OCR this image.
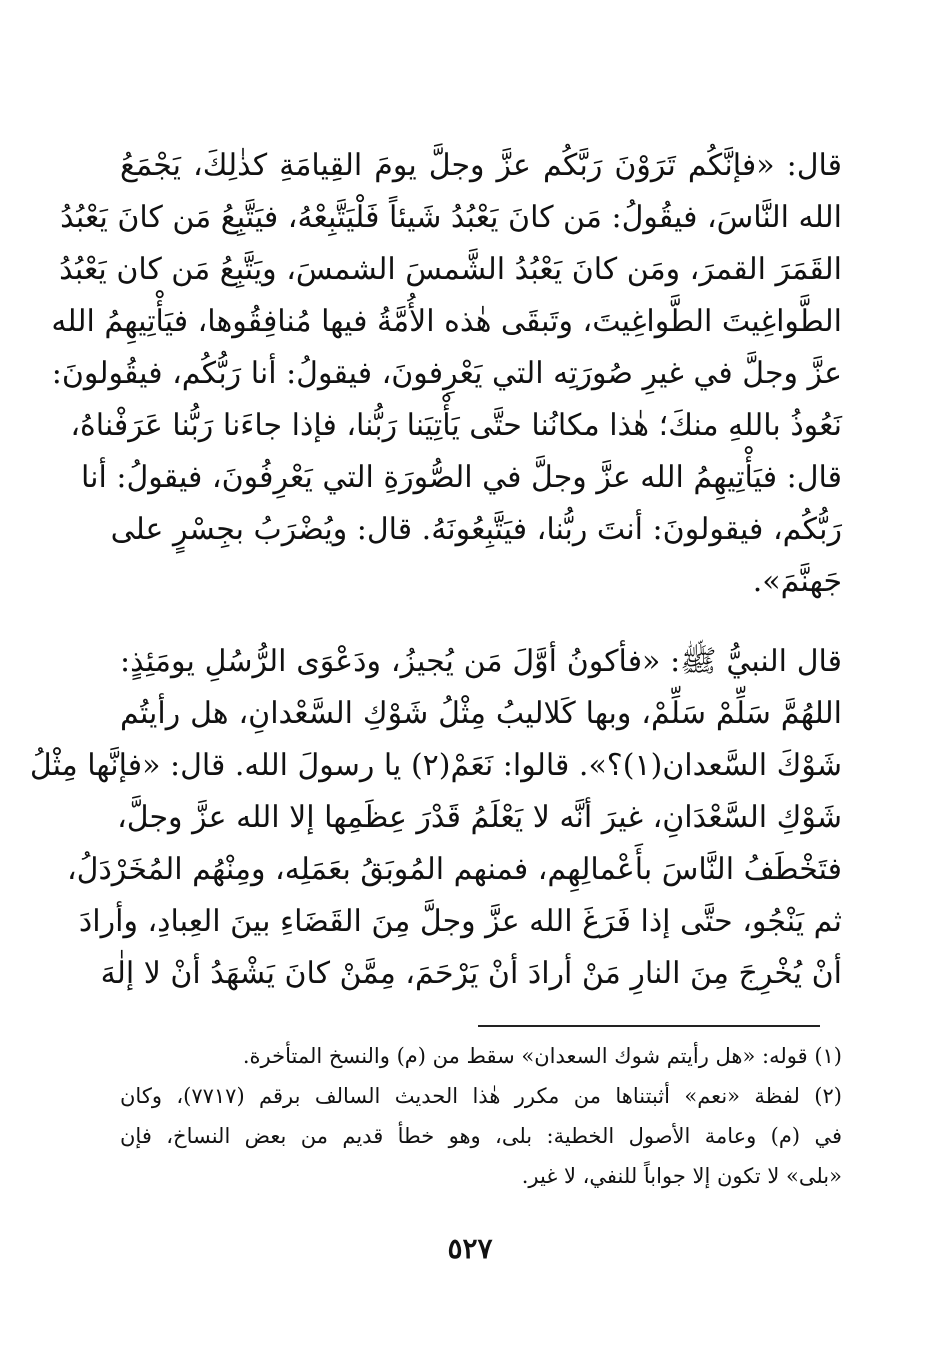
قال: «فإنَّكُم تَرَوْنَ رَبَّكُم عزَّ وجلَّ يومَ القِيامَةِ كذٰلِكَ، يَجْمَعُ
الله النَّاسَ، فيقُولُ: مَن كانَ يَعْبُدُ شَيئاً فَلْيَتَّبِعْهُ، فيَتَّبِعُ مَن كانَ يَعْبُدُ
القَمَرَ القمرَ، ومَن كانَ يَعْبُدُ الشَّمسَ الشمسَ، ويَتَّبِعُ مَن كان يَعْبُدُ
الطَّواغِيتَ الطَّواغِيتَ، وتَبقَى هٰذه الأُمَّةُ فيها مُنافِقُوها، فيَأْتِيهِمُ الله
عزَّ وجلَّ في غيرِ صُورَتِه التي يَعْرِفونَ، فيقولُ: أنا رَبُّكُم، فيقُولونَ:
نَعُوذُ باللهِ منكَ؛ هٰذا مكانُنا حتَّى يَأْتِيَنا رَبُّنا، فإذا جاءَنا رَبُّنا عَرَفْناهُ،
قال: فيَأْتِيهِمُ الله عزَّ وجلَّ في الصُّورَةِ التي يَعْرِفُونَ، فيقولُ: أنا
رَبُّكُم، فيقولونَ: أنتَ ربُّنا، فيَتَّبِعُونَهُ. قال: ويُضْرَبُ بجِسْرٍ على
جَهنَّمَ».
قال النبيُّ ﷺ: «فأكونُ أوَّلَ مَن يُجيزُ، ودَعْوَى الرُّسُلِ يومَئِذٍ:
اللهُمَّ سَلِّمْ سَلِّمْ، وبها كَلاليبُ مِثْلُ شَوْكِ السَّعْدانِ، هل رأيتُم
شَوْكَ السَّعدان(١)؟». قالوا: نَعَمْ(٢) يا رسولَ الله. قال: «فإنَّها مِثْلُ
شَوْكِ السَّعْدَانِ، غيرَ أنَّه لا يَعْلَمُ قَدْرَ عِظَمِها إلا الله عزَّ وجلَّ،
فتَخْطَفُ النَّاسَ بأَعْمالِهِم، فمنهم المُوبَقُ بعَمَلِه، ومِنْهُم المُخَرْدَلُ،
ثم يَنْجُو، حتَّى إذا فَرَغَ الله عزَّ وجلَّ مِنَ القَضَاءِ بينَ العِبادِ، وأرادَ
أنْ يُخْرِجَ مِنَ النارِ مَنْ أرادَ أنْ يَرْحَمَ، مِمَّنْ كانَ يَشْهَدُ أنْ لا إلٰهَ
(١) قوله: «هل رأيتم شوك السعدان» سقط من (م) والنسخ المتأخرة.
(٢) لفظة «نعم» أثبتناها من مكرر هٰذا الحديث السالف برقم (٧٧١٧)، وكان
في (م) وعامة الأصول الخطية: بلى، وهو خطأ قديم من بعض النساخ، فإن
«بلى» لا تكون إلا جواباً للنفي، لا غير.
٥٢٧
